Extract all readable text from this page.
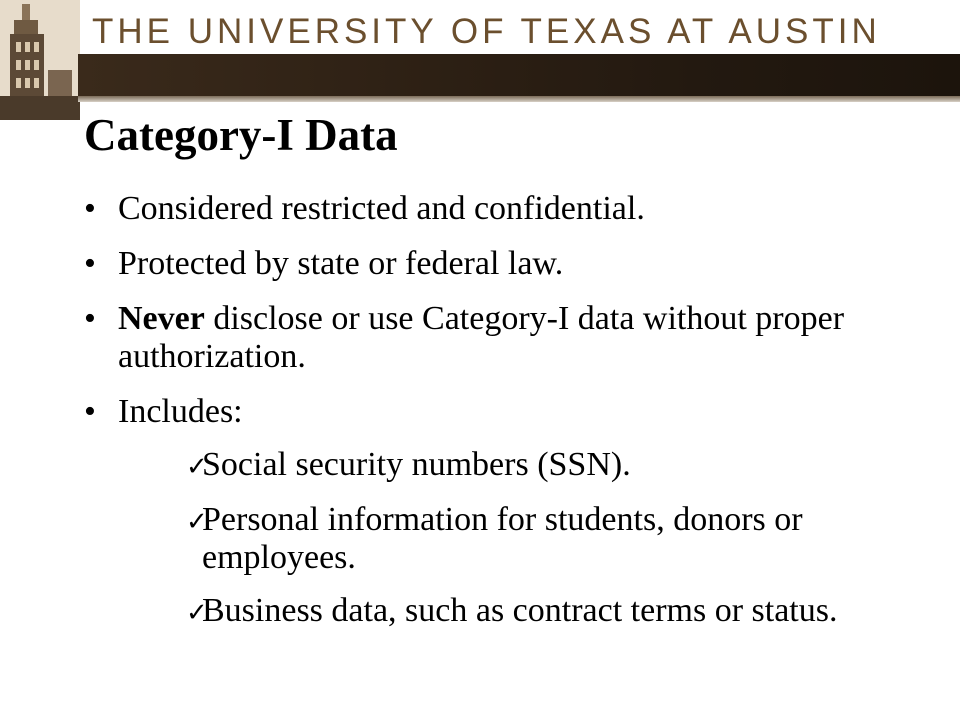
THE UNIVERSITY OF TEXAS AT AUSTIN
Category-I Data
• Considered restricted and confidential.
• Protected by state or federal law.
• Never disclose or use Category-I data without proper authorization.
• Includes:
✓
Social security numbers (SSN).
✓
Personal information for students, donors or employees.
✓
Business data, such as contract terms or status.
